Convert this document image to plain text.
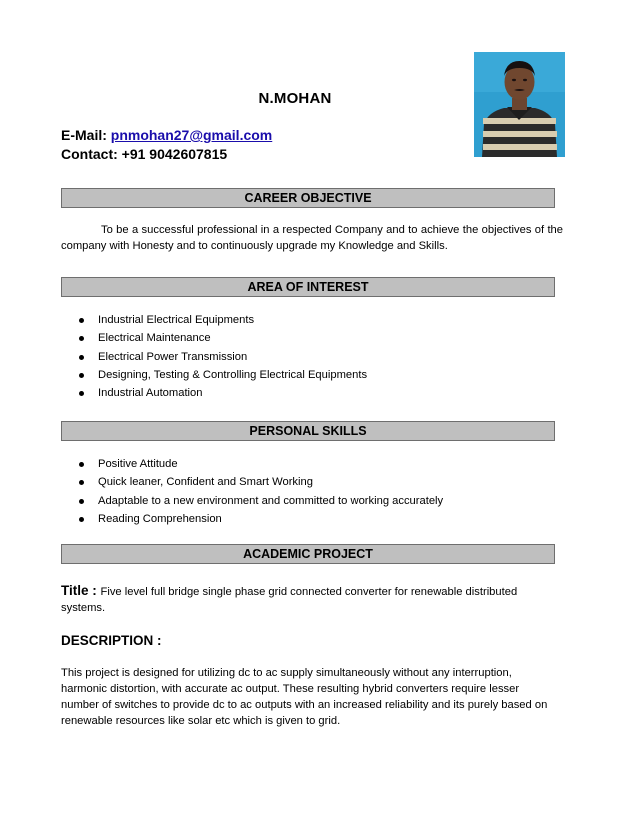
N.MOHAN
E-Mail: pnmohan27@gmail.com
Contact: +91 9042607815
CAREER OBJECTIVE
To be a successful professional in a respected Company and to achieve the objectives of the company with Honesty and to continuously upgrade my Knowledge and Skills.
AREA OF INTEREST
Industrial Electrical Equipments
Electrical Maintenance
Electrical Power Transmission
Designing, Testing & Controlling Electrical Equipments
Industrial Automation
PERSONAL SKILLS
Positive Attitude
Quick leaner, Confident and Smart Working
Adaptable to a new environment and committed to working accurately
Reading Comprehension
ACADEMIC PROJECT
Title : Five level full bridge single phase grid connected converter for renewable distributed systems.
DESCRIPTION :
This project is designed for utilizing dc to ac supply simultaneously without any interruption, harmonic distortion, with accurate ac output. These resulting hybrid converters require lesser number of switches to provide dc to ac outputs with an increased reliability and its purely based on renewable resources like solar etc which is given to grid.
